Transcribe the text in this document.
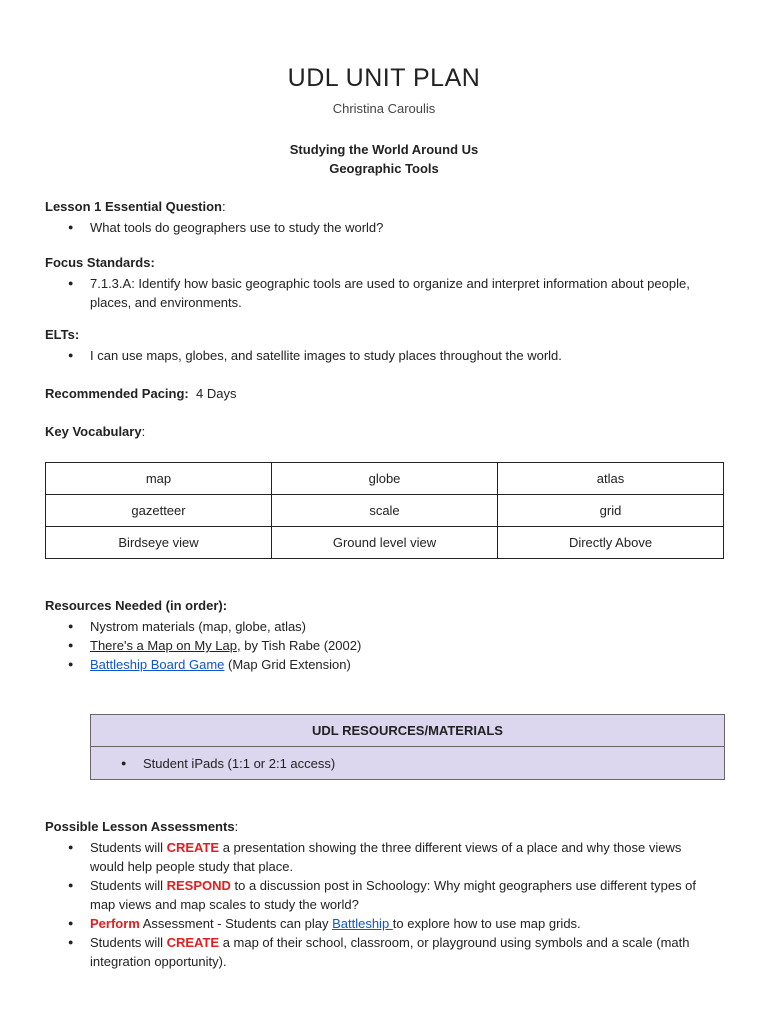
UDL UNIT PLAN
Christina Caroulis
Studying the World Around Us
Geographic Tools
Lesson 1 Essential Question:
● What tools do geographers use to study the world?
Focus Standards:
● 7.1.3.A: Identify how basic geographic tools are used to organize and interpret information about people, places, and environments.
ELTs:
● I can use maps, globes, and satellite images to study places throughout the world.
Recommended Pacing: 4 Days
Key Vocabulary:
map	globe	atlas
gazetteer	scale	grid
Birdseye view	Ground level view	Directly Above
Resources Needed (in order):
● Nystrom materials (map, globe, atlas)
● There's a Map on My Lap, by Tish Rabe (2002)
● Battleship Board Game (Map Grid Extension)
UDL RESOURCES/MATERIALS
● Student iPads (1:1 or 2:1 access)
Possible Lesson Assessments:
● Students will CREATE a presentation showing the three different views of a place and why those views would help people study that place.
● Students will RESPOND to a discussion post in Schoology: Why might geographers use different types of map views and map scales to study the world?
● Perform Assessment - Students can play Battleship to explore how to use map grids.
● Students will CREATE a map of their school, classroom, or playground using symbols and a scale (math integration opportunity).
